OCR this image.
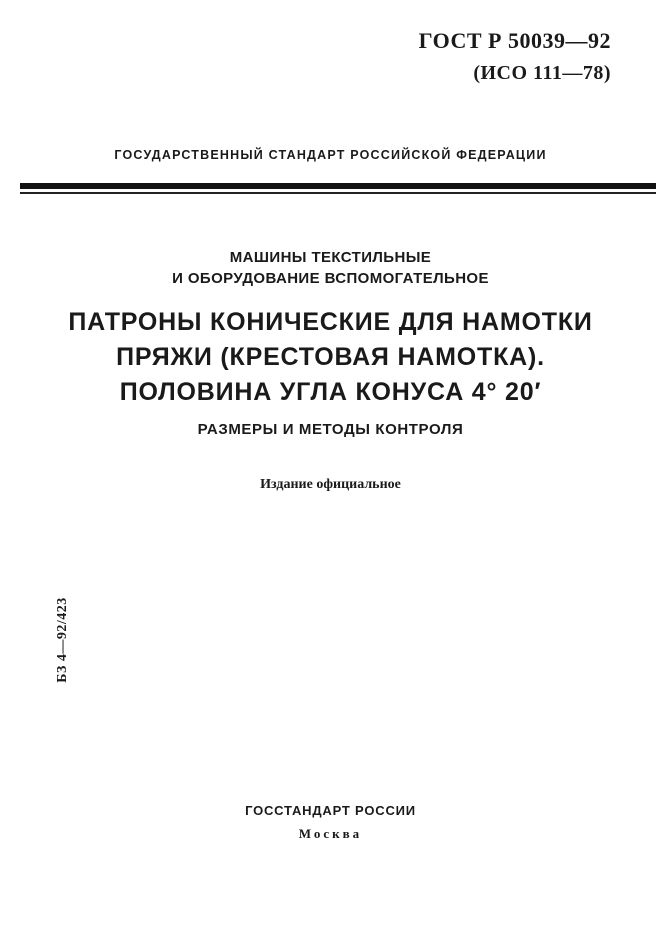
ГОСТ Р 50039—92
(ИСО 111—78)
ГОСУДАРСТВЕННЫЙ СТАНДАРТ РОССИЙСКОЙ ФЕДЕРАЦИИ
МАШИНЫ ТЕКСТИЛЬНЫЕ
И ОБОРУДОВАНИЕ ВСПОМОГАТЕЛЬНОЕ
ПАТРОНЫ КОНИЧЕСКИЕ ДЛЯ НАМОТКИ
ПРЯЖИ (КРЕСТОВАЯ НАМОТКА).
ПОЛОВИНА УГЛА КОНУСА 4° 20′
РАЗМЕРЫ И МЕТОДЫ КОНТРОЛЯ
Издание официальное
БЗ 4—92/423
ГОССТАНДАРТ РОССИИ
Москва
